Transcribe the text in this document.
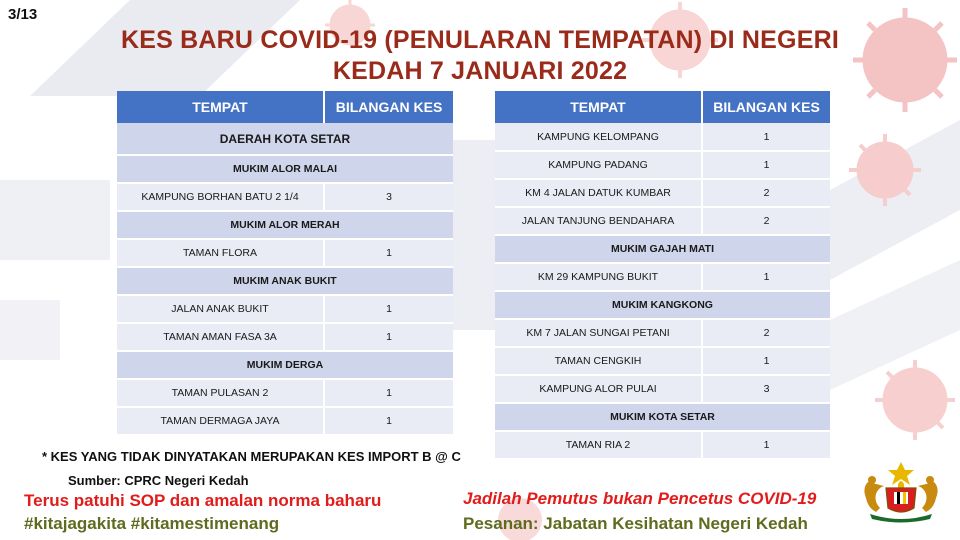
3/13
KES BARU COVID-19 (PENULARAN TEMPATAN) DI NEGERI
KEDAH 7 JANUARI 2022
TEMPAT	BILANGAN KES
DAERAH KOTA SETAR	
MUKIM ALOR MALAI	
KAMPUNG BORHAN BATU 2 1/4	3
MUKIM ALOR MERAH	
TAMAN FLORA	1
MUKIM ANAK BUKIT	
JALAN ANAK BUKIT	1
TAMAN AMAN FASA 3A	1
MUKIM DERGA	
TAMAN PULASAN 2	1
TAMAN DERMAGA JAYA	1
TEMPAT	BILANGAN KES
KAMPUNG KELOMPANG	1
KAMPUNG PADANG	1
KM 4 JALAN DATUK KUMBAR	2
JALAN TANJUNG BENDAHARA	2
MUKIM GAJAH MATI	
KM 29 KAMPUNG BUKIT	1
MUKIM KANGKONG	
KM 7 JALAN SUNGAI PETANI	2
TAMAN CENGKIH	1
KAMPUNG ALOR PULAI	3
MUKIM KOTA SETAR	
TAMAN RIA 2	1
* KES YANG TIDAK DINYATAKAN MERUPAKAN KES IMPORT B @ C
Sumber: CPRC Negeri Kedah
Terus patuhi SOP dan amalan norma baharu
#kitajagakita #kitamestimenang
Jadilah Pemutus bukan Pencetus COVID-19
Pesanan: Jabatan Kesihatan Negeri Kedah
